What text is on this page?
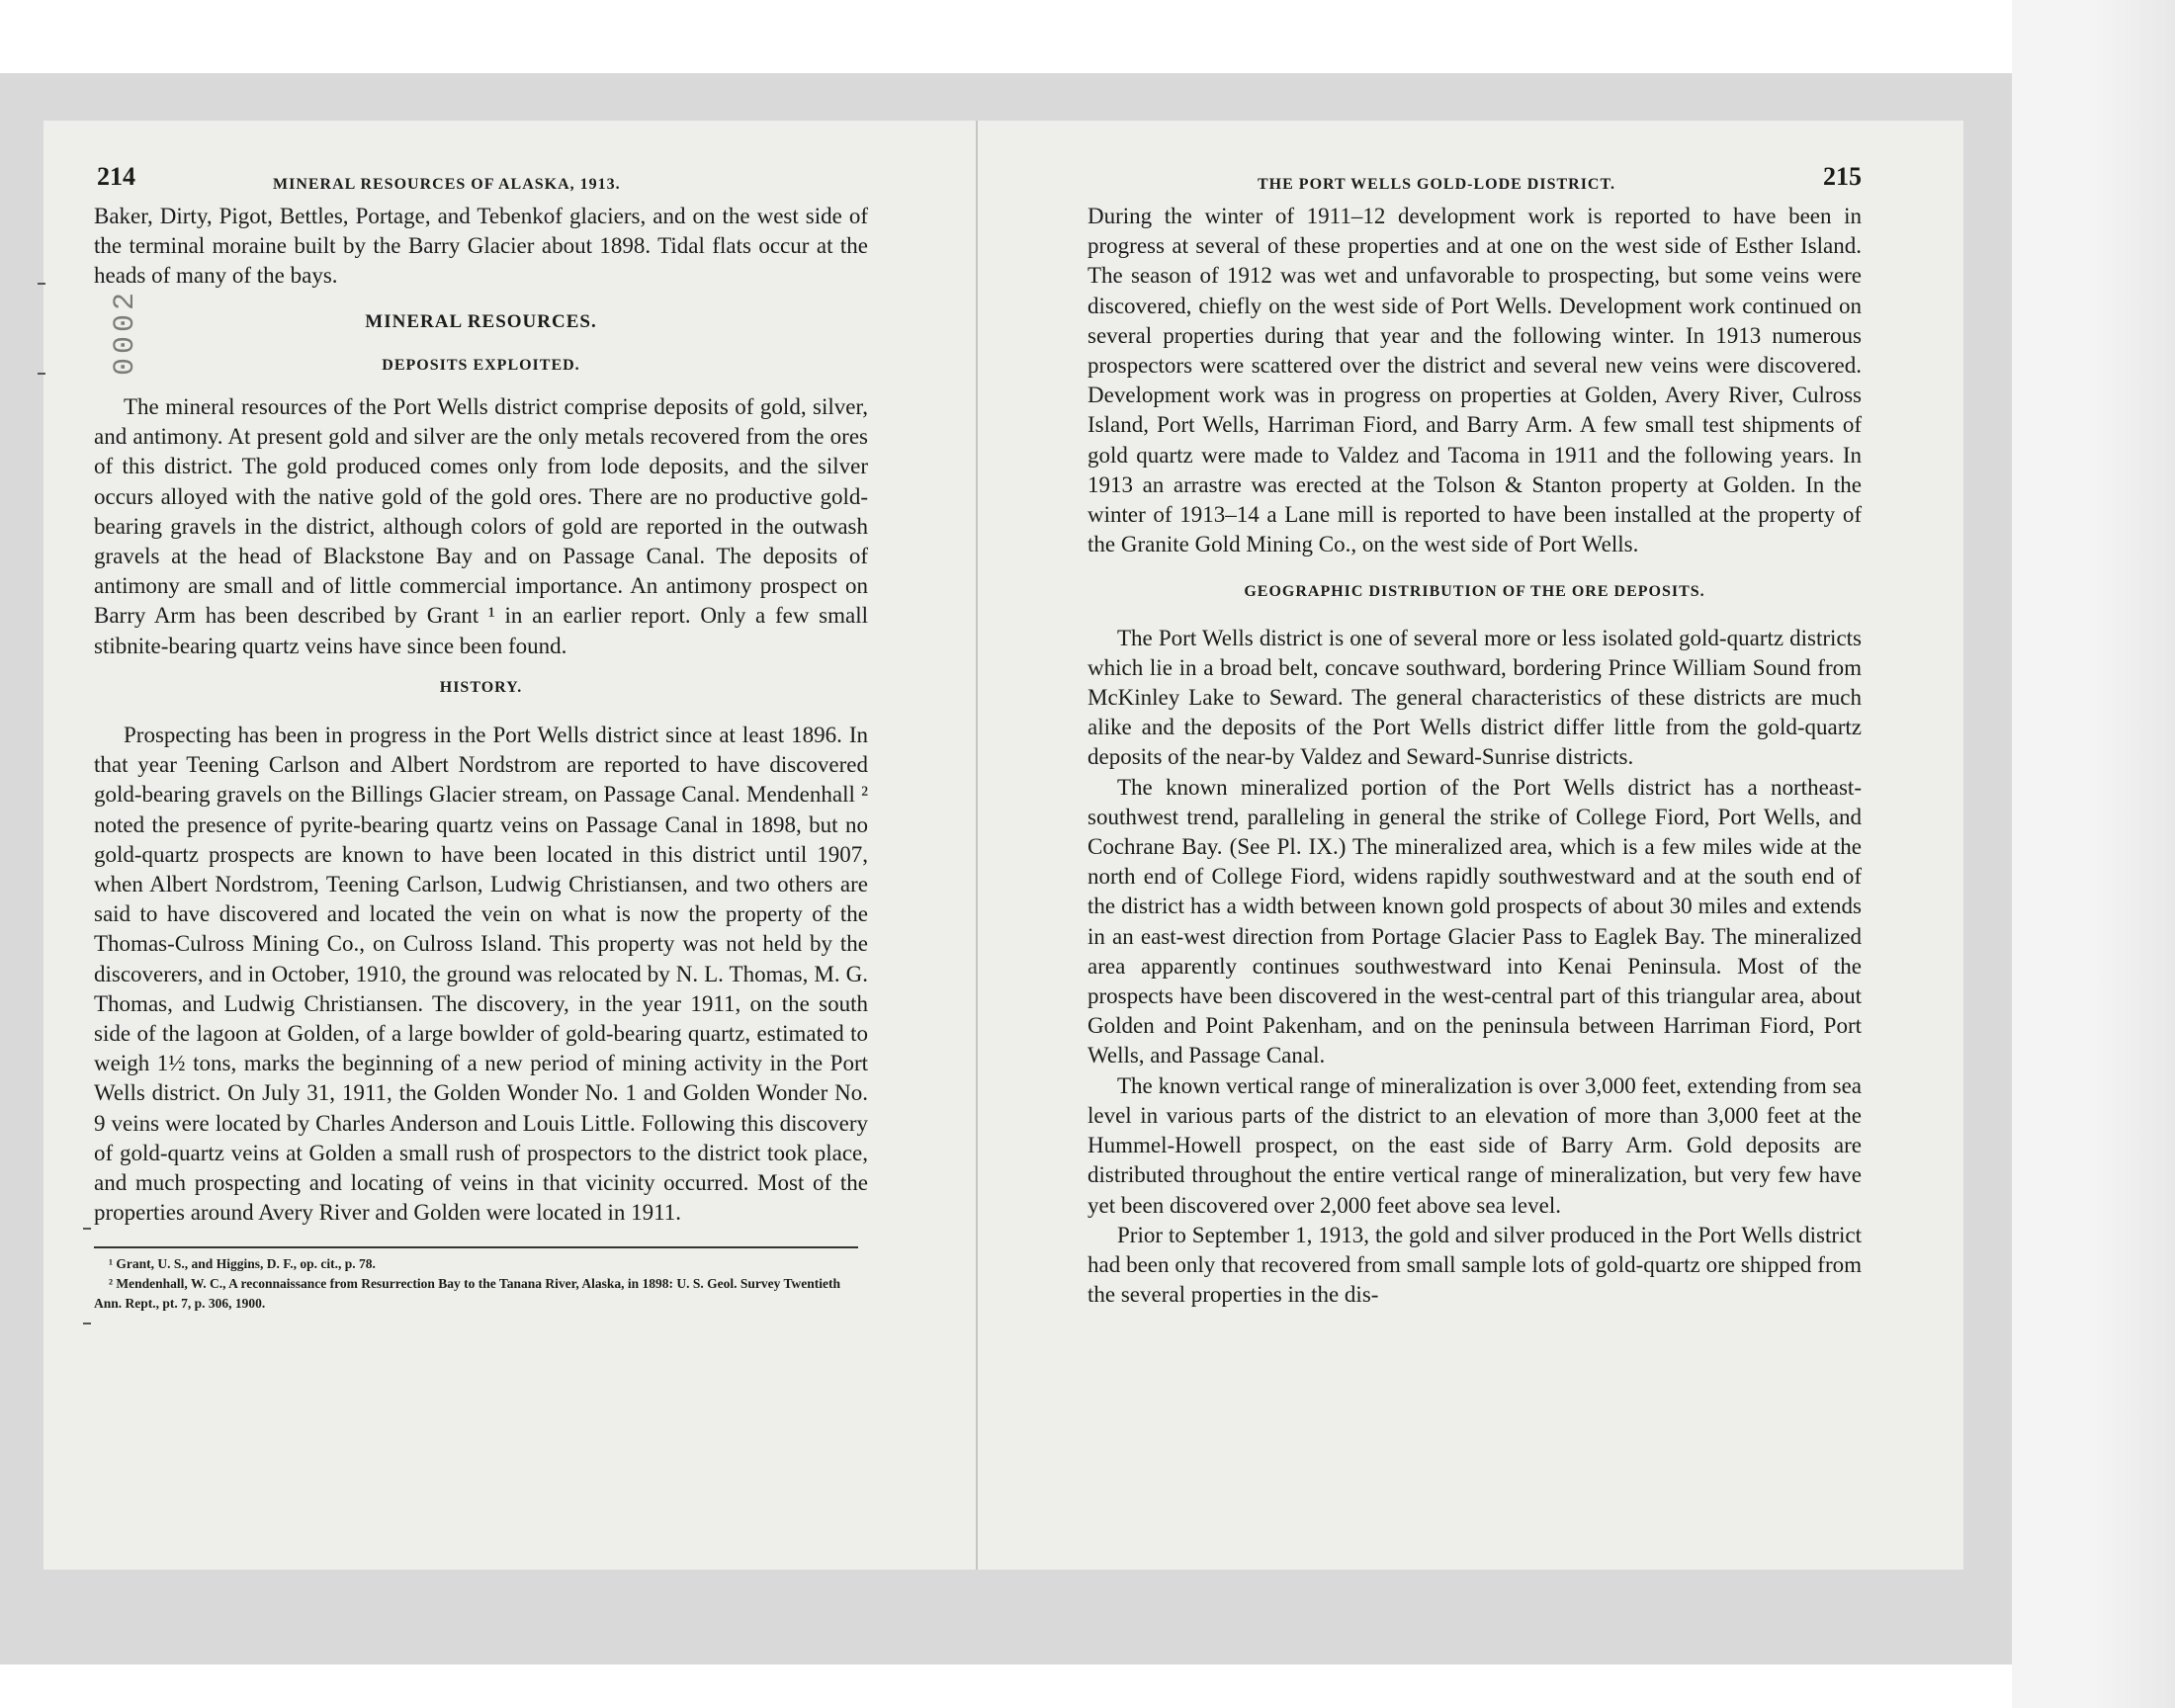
0002
214	MINERAL RESOURCES OF ALASKA, 1913.

Baker, Dirty, Pigot, Bettles, Portage, and Tebenkof glaciers, and on the west side of the terminal moraine built by the Barry Glacier about 1898. Tidal flats occur at the heads of many of the bays.

MINERAL RESOURCES.

DEPOSITS EXPLOITED.

The mineral resources of the Port Wells district comprise deposits of gold, silver, and antimony. At present gold and silver are the only metals recovered from the ores of this district. The gold produced comes only from lode deposits, and the silver occurs alloyed with the native gold of the gold ores. There are no productive gold-bearing gravels in the district, although colors of gold are reported in the outwash gravels at the head of Blackstone Bay and on Passage Canal. The deposits of antimony are small and of little commercial importance. An antimony prospect on Barry Arm has been described by Grant ¹ in an earlier report. Only a few small stibnite-bearing quartz veins have since been found.

HISTORY.

Prospecting has been in progress in the Port Wells district since at least 1896. In that year Teening Carlson and Albert Nordstrom are reported to have discovered gold-bearing gravels on the Billings Glacier stream, on Passage Canal. Mendenhall ² noted the presence of pyrite-bearing quartz veins on Passage Canal in 1898, but no gold-quartz prospects are known to have been located in this district until 1907, when Albert Nordstrom, Teening Carlson, Ludwig Christiansen, and two others are said to have discovered and located the vein on what is now the property of the Thomas-Culross Mining Co., on Culross Island. This property was not held by the discoverers, and in October, 1910, the ground was relocated by N. L. Thomas, M. G. Thomas, and Ludwig Christiansen. The discovery, in the year 1911, on the south side of the lagoon at Golden, of a large bowlder of gold-bearing quartz, estimated to weigh 1½ tons, marks the beginning of a new period of mining activity in the Port Wells district. On July 31, 1911, the Golden Wonder No. 1 and Golden Wonder No. 9 veins were located by Charles Anderson and Louis Little. Following this discovery of gold-quartz veins at Golden a small rush of prospectors to the district took place, and much prospecting and locating of veins in that vicinity occurred. Most of the properties around Avery River and Golden were located in 1911.

¹ Grant, U. S., and Higgins, D. F., op. cit., p. 78.

² Mendenhall, W. C., A reconnaissance from Resurrection Bay to the Tanana River, Alaska, in 1898: U. S. Geol. Survey Twentieth Ann. Rept., pt. 7, p. 306, 1900.

THE PORT WELLS GOLD-LODE DISTRICT.	215

During the winter of 1911–12 development work is reported to have been in progress at several of these properties and at one on the west side of Esther Island. The season of 1912 was wet and unfavorable to prospecting, but some veins were discovered, chiefly on the west side of Port Wells. Development work continued on several properties during that year and the following winter. In 1913 numerous prospectors were scattered over the district and several new veins were discovered. Development work was in progress on properties at Golden, Avery River, Culross Island, Port Wells, Harriman Fiord, and Barry Arm. A few small test shipments of gold quartz were made to Valdez and Tacoma in 1911 and the following years. In 1913 an arrastre was erected at the Tolson & Stanton property at Golden. In the winter of 1913–14 a Lane mill is reported to have been installed at the property of the Granite Gold Mining Co., on the west side of Port Wells.

GEOGRAPHIC DISTRIBUTION OF THE ORE DEPOSITS.

The Port Wells district is one of several more or less isolated gold-quartz districts which lie in a broad belt, concave southward, bordering Prince William Sound from McKinley Lake to Seward. The general characteristics of these districts are much alike and the deposits of the Port Wells district differ little from the gold-quartz deposits of the near-by Valdez and Seward-Sunrise districts.

The known mineralized portion of the Port Wells district has a northeast-southwest trend, paralleling in general the strike of College Fiord, Port Wells, and Cochrane Bay. (See Pl. IX.) The mineralized area, which is a few miles wide at the north end of College Fiord, widens rapidly southwestward and at the south end of the district has a width between known gold prospects of about 30 miles and extends in an east-west direction from Portage Glacier Pass to Eaglek Bay. The mineralized area apparently continues southwestward into Kenai Peninsula. Most of the prospects have been discovered in the west-central part of this triangular area, about Golden and Point Pakenham, and on the peninsula between Harriman Fiord, Port Wells, and Passage Canal.

The known vertical range of mineralization is over 3,000 feet, extending from sea level in various parts of the district to an elevation of more than 3,000 feet at the Hummel-Howell prospect, on the east side of Barry Arm. Gold deposits are distributed throughout the entire vertical range of mineralization, but very few have yet been discovered over 2,000 feet above sea level.

Prior to September 1, 1913, the gold and silver produced in the Port Wells district had been only that recovered from small sample lots of gold-quartz ore shipped from the several properties in the dis-
